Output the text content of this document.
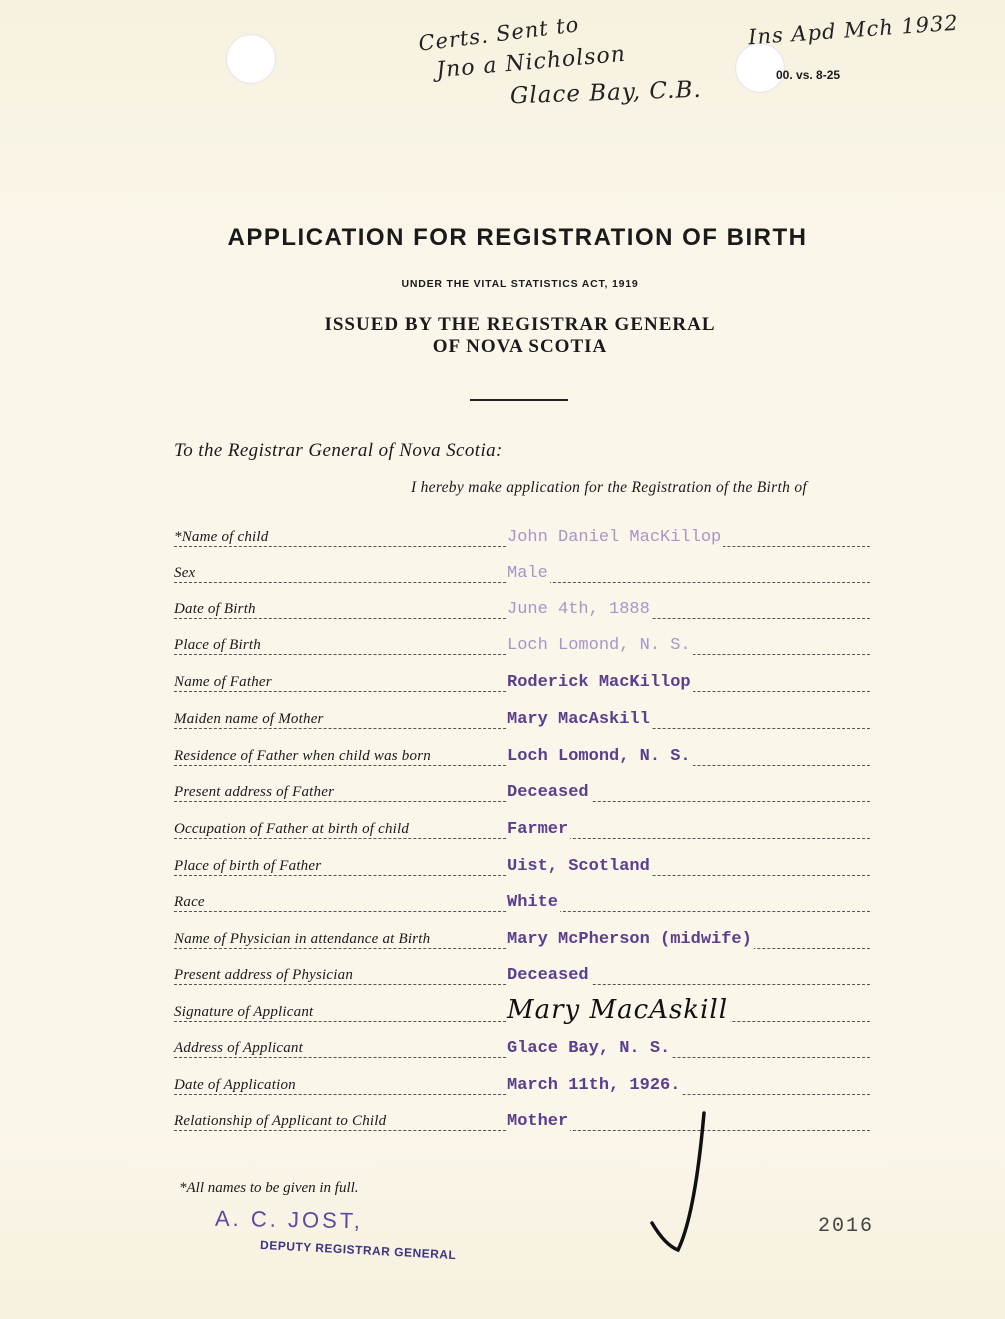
Certs. Sent to
Jno a Nicholson
Glace Bay, C.B.
Ins Apd Mch 1932
00. vs. 8-25
APPLICATION FOR REGISTRATION OF BIRTH
UNDER THE VITAL STATISTICS ACT, 1919
ISSUED BY THE REGISTRAR GENERAL
OF NOVA SCOTIA
To the Registrar General of Nova Scotia:
I hereby make application for the Registration of the Birth of
*Name of child	John Daniel MacKillop
Sex	Male
Date of Birth	June 4th, 1888
Place of Birth	Loch Lomond, N. S.
Name of Father	Roderick MacKillop
Maiden name of Mother	Mary MacAskill
Residence of Father when child was born	Loch Lomond, N. S.
Present address of Father	Deceased
Occupation of Father at birth of child	Farmer
Place of birth of Father	Uist, Scotland
Race	White
Name of Physician in attendance at Birth	Mary McPherson (midwife)
Present address of Physician	Deceased
Signature of Applicant	Mary MacAskill
Address of Applicant	Glace Bay, N. S.
Date of Application	March 11th, 1926.
Relationship of Applicant to Child	Mother
*All names to be given in full.
A. C. JOST,
DEPUTY REGISTRAR GENERAL
2016
